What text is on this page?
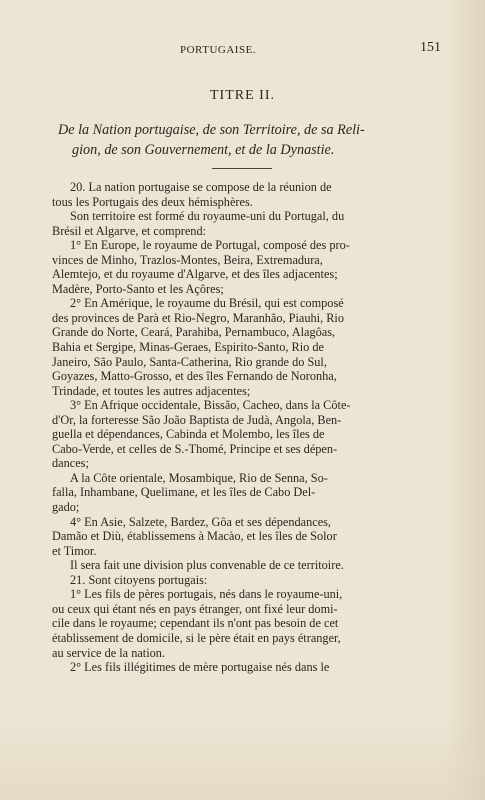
PORTUGAISE.	151
TITRE II.
De la Nation portugaise, de son Territoire, de sa Reli-
gion, de son Gouvernement, et de la Dynastie.
20. La nation portugaise se compose de la réunion de
tous les Portugais des deux hémisphères.
Son territoire est formé du royaume-uni du Portugal, du
Brésil et Algarve, et comprend:
1° En Europe, le royaume de Portugal, composé des pro-
vinces de Minho, Trazlos-Montes, Beira, Extremadura,
Alemtejo, et du royaume d'Algarve, et des îles adjacentes;
Madère, Porto-Santo et les Açôres;
2° En Amérique, le royaume du Brésil, qui est composé
des provinces de Parà et Rio-Negro, Maranhão, Piauhi, Rio
Grande do Norte, Ceará, Parahiba, Pernambuco, Alagôas,
Bahia et Sergipe, Minas-Geraes, Espirito-Santo, Rio de
Janeiro, São Paulo, Santa-Catherina, Rio grande do Sul,
Goyazes, Matto-Grosso, et des îles Fernando de Noronha,
Trindade, et toutes les autres adjacentes;
3° En Afrique occidentale, Bissão, Cacheo, dans la Côte-
d'Or, la forteresse São João Baptista de Judà, Angola, Ben-
guella et dépendances, Cabinda et Molembo, les îles de
Cabo-Verde, et celles de S.-Thomé, Principe et ses dépen-
dances;
A la Côte orientale, Mosambique, Rio de Senna, So-
falla, Inhambane, Quelimane, et les îles de Cabo Del-
gado;
4° En Asie, Salzete, Bardez, Gôa et ses dépendances,
Damão et Diù, établissemens à Macào, et les îles de Solor
et Timor.
Il sera fait une division plus convenable de ce territoire.
21. Sont citoyens portugais:
1° Les fils de pères portugais, nés dans le royaume-uni,
ou ceux qui étant nés en pays étranger, ont fixé leur domi-
cile dans le royaume; cependant ils n'ont pas besoin de cet
établissement de domicile, si le père était en pays étranger,
au service de la nation.
2° Les fils illégitimes de mère portugaise nés dans le
